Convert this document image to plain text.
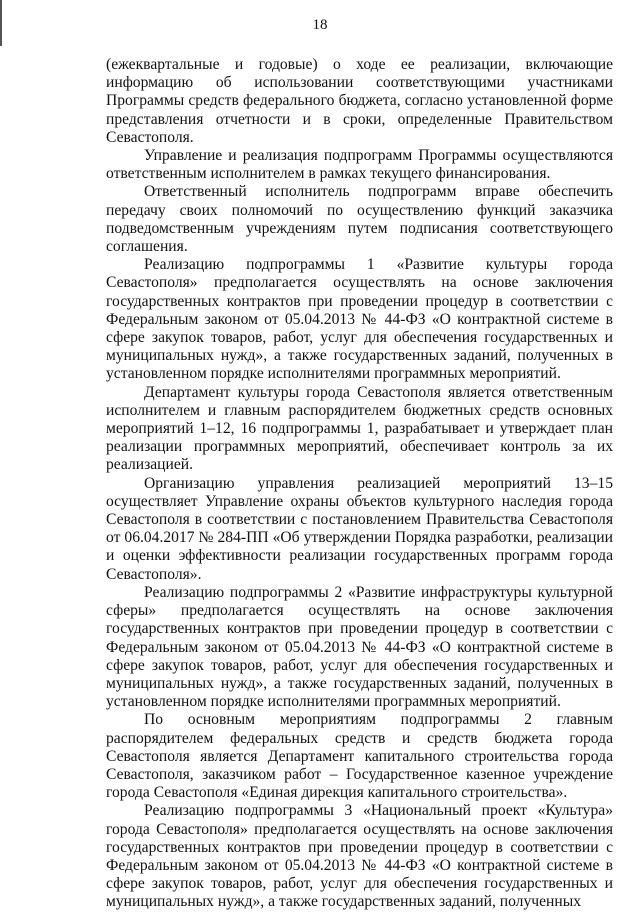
18

(ежеквартальные и годовые) о ходе ее реализации, включающие информацию об использовании соответствующими участниками Программы средств федерального бюджета, согласно установленной форме представления отчетности и в сроки, определенные Правительством Севастополя.

Управление и реализация подпрограмм Программы осуществляются ответственным исполнителем в рамках текущего финансирования.

Ответственный исполнитель подпрограмм вправе обеспечить передачу своих полномочий по осуществлению функций заказчика подведомственным учреждениям путем подписания соответствующего соглашения.

Реализацию подпрограммы 1 «Развитие культуры города Севастополя» предполагается осуществлять на основе заключения государственных контрактов при проведении процедур в соответствии с Федеральным законом от 05.04.2013 № 44-ФЗ «О контрактной системе в сфере закупок товаров, работ, услуг для обеспечения государственных и муниципальных нужд», а также государственных заданий, полученных в установленном порядке исполнителями программных мероприятий.

Департамент культуры города Севастополя является ответственным исполнителем и главным распорядителем бюджетных средств основных мероприятий 1–12, 16 подпрограммы 1, разрабатывает и утверждает план реализации программных мероприятий, обеспечивает контроль за их реализацией.

Организацию управления реализацией мероприятий 13–15 осуществляет Управление охраны объектов культурного наследия города Севастополя в соответствии с постановлением Правительства Севастополя от 06.04.2017 № 284-ПП «Об утверждении Порядка разработки, реализации и оценки эффективности реализации государственных программ города Севастополя».

Реализацию подпрограммы 2 «Развитие инфраструктуры культурной сферы» предполагается осуществлять на основе заключения государственных контрактов при проведении процедур в соответствии с Федеральным законом от 05.04.2013 № 44-ФЗ «О контрактной системе в сфере закупок товаров, работ, услуг для обеспечения государственных и муниципальных нужд», а также государственных заданий, полученных в установленном порядке исполнителями программных мероприятий.

По основным мероприятиям подпрограммы 2 главным распорядителем федеральных средств и средств бюджета города Севастополя является Департамент капитального строительства города Севастополя, заказчиком работ – Государственное казенное учреждение города Севастополя «Единая дирекция капитального строительства».

Реализацию подпрограммы 3 «Национальный проект «Культура» города Севастополя» предполагается осуществлять на основе заключения государственных контрактов при проведении процедур в соответствии с Федеральным законом от 05.04.2013 № 44-ФЗ «О контрактной системе в сфере закупок товаров, работ, услуг для обеспечения государственных и муниципальных нужд», а также государственных заданий, полученных
